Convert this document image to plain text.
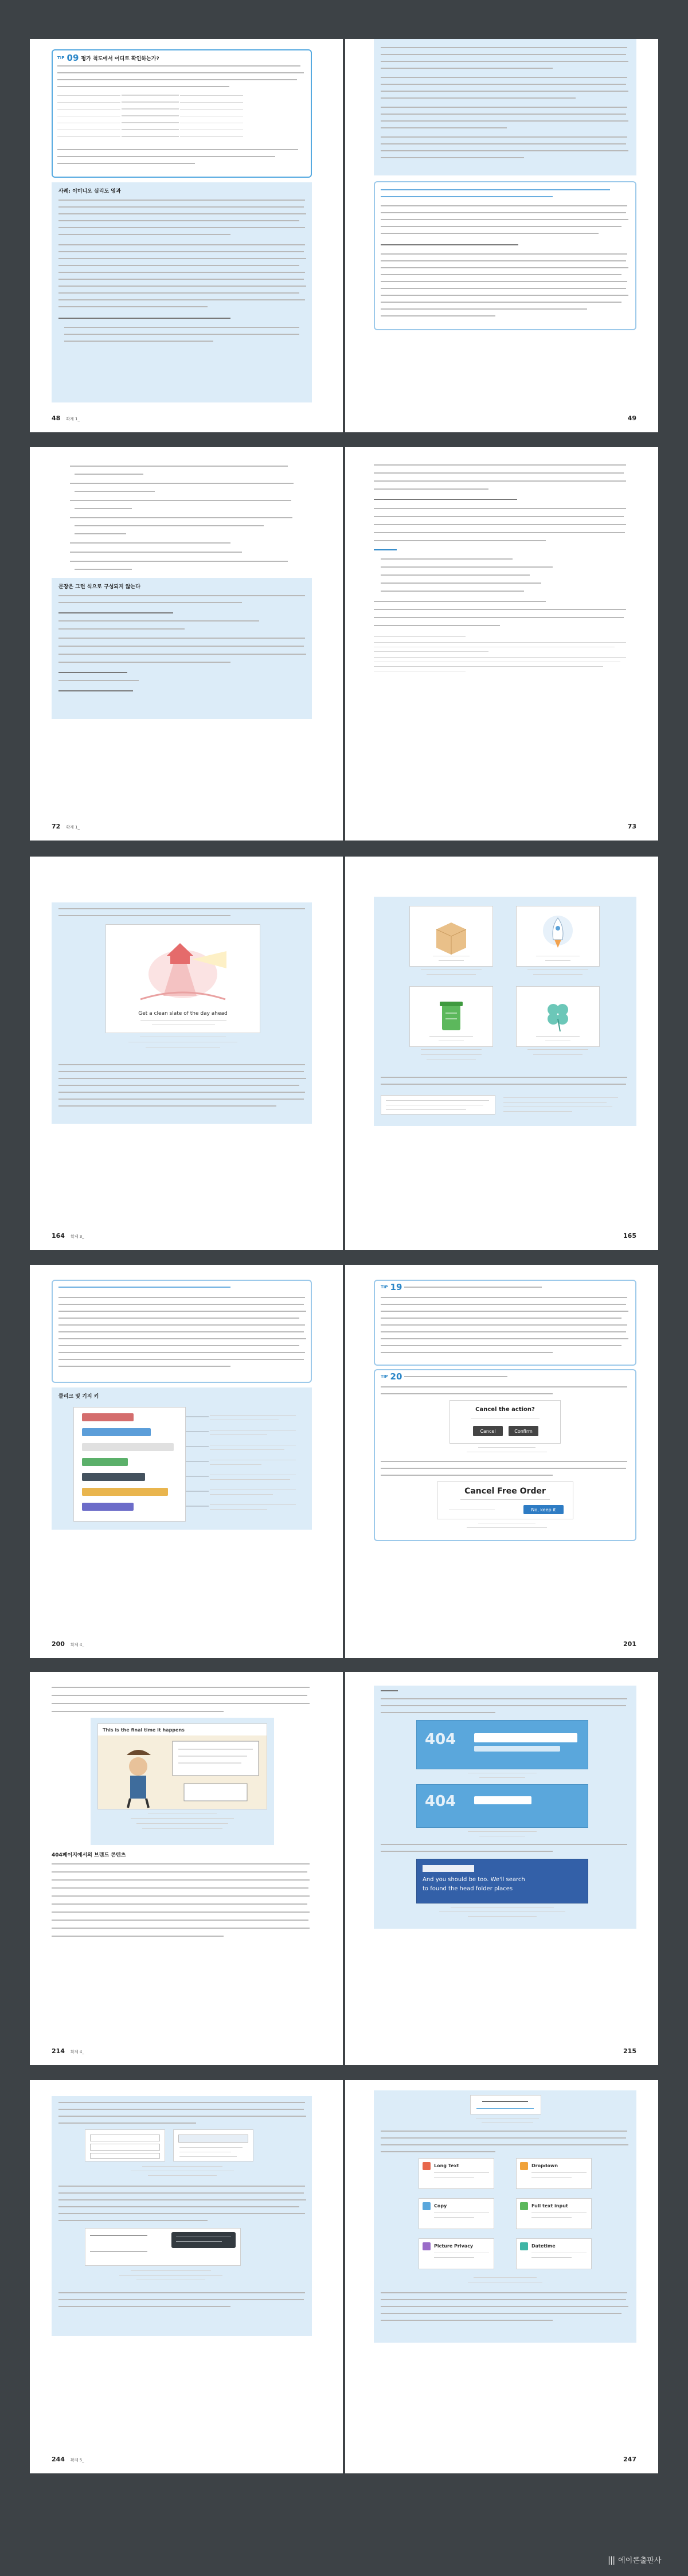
TIP 09 평가 척도에서 어디로 확인하는가?
사례: 이미니오 실리도 영과
48 확제 1_	49
문장은 그런 식으로 구성되지 않는다
72 확제 1_	73
Get a clean slate of the day ahead
164 확제 3_	165
클리크 및 기지 키
200 확제 4_
TIP 19
TIP 20
Cancel the action?
Cancel	Confirm
Cancel Free Order
No, keep it
201
This is the final time it happens
404페이지에서의 브랜드 콘텐츠
214 확제 4_
404
404
And you should be too. We'll search
to found the head folder places
215
244 확제 5_
Long Text	Dropdown
Copy	Full text input
Picture Privacy	Datetime
247
||| 에이콘출판사
